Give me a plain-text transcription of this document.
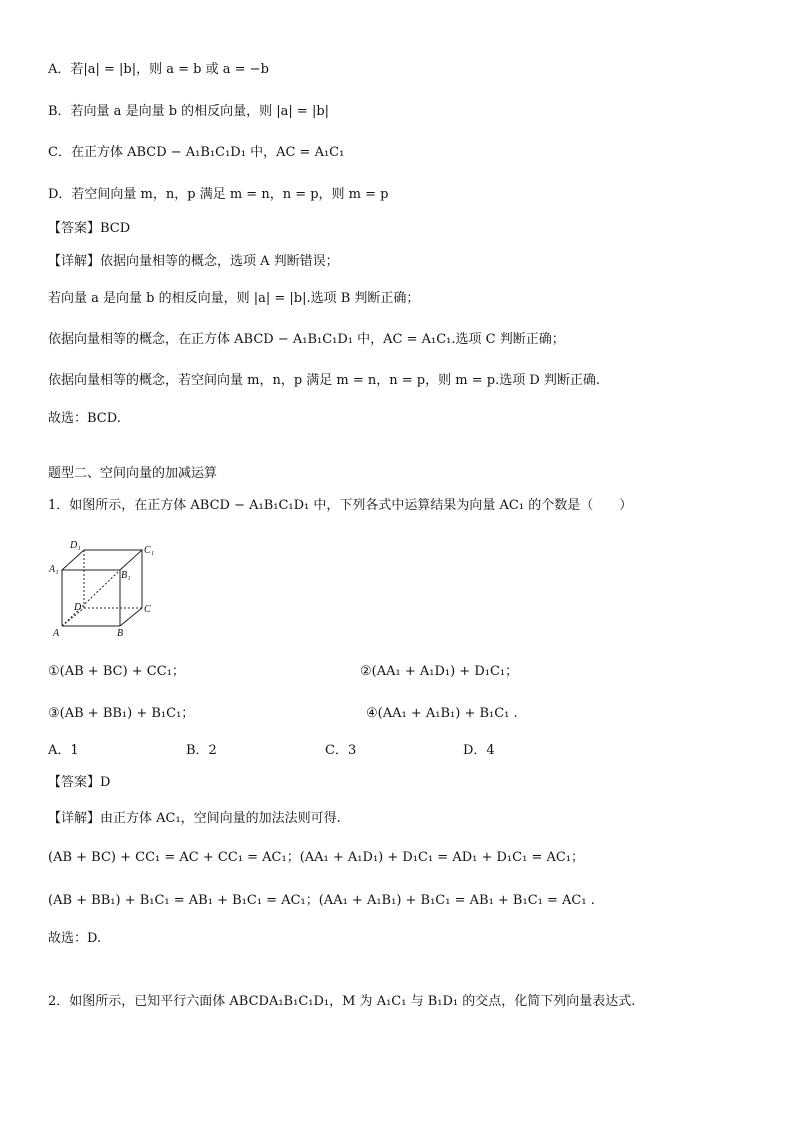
A．若|a| = |b|，则 a = b 或 a = −b
B．若向量 a 是向量 b 的相反向量，则 |a| = |b|
C．在正方体 ABCD − A₁B₁C₁D₁ 中，AC = A₁C₁
D．若空间向量 m，n，p 满足 m = n，n = p，则 m = p
【答案】BCD
【详解】依据向量相等的概念，选项 A 判断错误；
若向量 a 是向量 b 的相反向量，则 |a| = |b|.选项 B 判断正确；
依据向量相等的概念，在正方体 ABCD − A₁B₁C₁D₁ 中，AC = A₁C₁.选项 C 判断正确；
依据向量相等的概念，若空间向量 m，n，p 满足 m = n，n = p，则 m = p.选项 D 判断正确.
故选：BCD.
题型二、空间向量的加减运算
1．如图所示，在正方体 ABCD − A₁B₁C₁D₁ 中，下列各式中运算结果为向量 AC₁ 的个数是（　　）
D₁	C₁
A₁
B₁
D	C
A	B
①(AB + BC) + CC₁；	②(AA₁ + A₁D₁) + D₁C₁；
③(AB + BB₁) + B₁C₁；	④(AA₁ + A₁B₁) + B₁C₁ .
A．1	B．2	C．3	D．4
【答案】D
【详解】由正方体 AC₁，空间向量的加法法则可得.
(AB + BC) + CC₁ = AC + CC₁ = AC₁；(AA₁ + A₁D₁) + D₁C₁ = AD₁ + D₁C₁ = AC₁；
(AB + BB₁) + B₁C₁ = AB₁ + B₁C₁ = AC₁；(AA₁ + A₁B₁) + B₁C₁ = AB₁ + B₁C₁ = AC₁ .
故选：D.
2．如图所示，已知平行六面体 ABCDA₁B₁C₁D₁，M 为 A₁C₁ 与 B₁D₁ 的交点，化简下列向量表达式.
